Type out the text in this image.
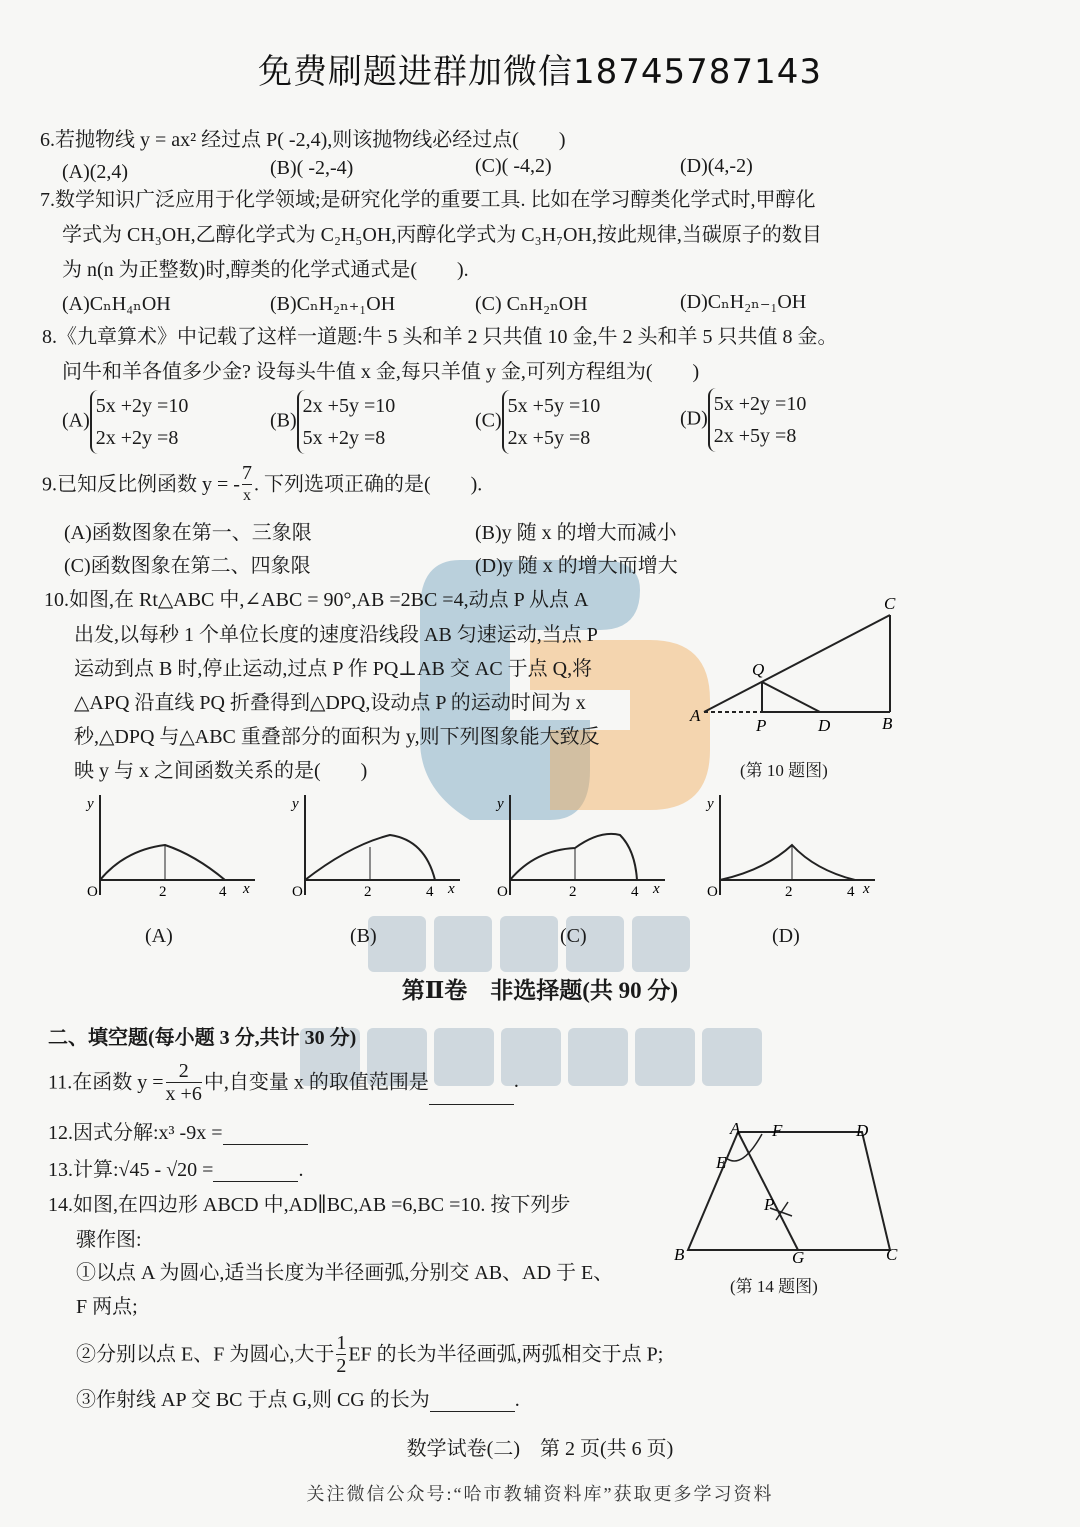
免费刷题进群加微信18745787143
6.若抛物线 y = ax² 经过点 P( -2,4),则该抛物线必经过点(　　)
(A)(2,4)	(B)( -2,-4)	(C)( -4,2)	(D)(4,-2)
7.数学知识广泛应用于化学领域;是研究化学的重要工具. 比如在学习醇类化学式时,甲醇化
学式为 CH₃OH,乙醇化学式为 C₂H₅OH,丙醇化学式为 C₃H₇OH,按此规律,当碳原子的数目
为 n(n 为正整数)时,醇类的化学式通式是(　　).
(A)CₙH₄ₙOH	(B)CₙH₂ₙ₊₁OH	(C) CₙH₂ₙOH	(D)CₙH₂ₙ₋₁OH
8.《九章算术》中记载了这样一道题:牛 5 头和羊 2 只共值 10 金,牛 2 头和羊 5 只共值 8 金。
问牛和羊各值多少金? 设每头牛值 x 金,每只羊值 y 金,可列方程组为(　　)
(A)5x +2y =10
2x +2y =8
(B)2x +5y =10
5x +2y =8
(C)5x +5y =10
2x +5y =8
(D)5x +2y =10
2x +5y =8
9.已知反比例函数 y = -
7
x . 下列选项正确的是(　　).
(A)函数图象在第一、三象限	(B)y 随 x 的增大而减小
(C)函数图象在第二、四象限	(D)y 随 x 的增大而增大
10.如图,在 Rt△ABC 中,∠ABC = 90°,AB =2BC =4,动点 P 从点 A
出发,以每秒 1 个单位长度的速度沿线段 AB 匀速运动,当点 P
运动到点 B 时,停止运动,过点 P 作 PQ⊥AB 交 AC 于点 Q,将
△APQ 沿直线 PQ 折叠得到△DPQ,设动点 P 的运动时间为 x
秒,△DPQ 与△ABC 重叠部分的面积为 y,则下列图象能大致反
映 y 与 x 之间函数关系的是(　　)
A
P	D	B
C
Q
(第 10 题图)
y
x
O	2	4
y
x
O	2	4
y
x
O	2	4
y
x
O	2	4
(A)	(B)	(C)	(D)
第Ⅱ卷　非选择题(共 90 分)
二、填空题(每小题 3 分,共计 30 分)
11.在函数 $y = \frac{2}{x +6}$ 中,自变量 x 的取值范围是	.
12.因式分解:x³ -9x =
13.计算:√45 - √20 =	.
14.如图,在四边形 ABCD 中,AD∥BC,AB =6,BC =10. 按下列步
骤作图:
①以点 A 为圆心,适当长度为半径画弧,分别交 AB、AD 于 E、
F 两点;
②分别以点 E、F 为圆心,大于 $\frac{1}{2}$ EF 的长为半径画弧,两弧相交于点 P;
③作射线 AP 交 BC 于点 G,则 CG 的长为	.
A F	D
E
P
B	G	C
(第 14 题图)
数学试卷(二)　第 2 页(共 6 页)
关注微信公众号:“哈市教辅资料库”获取更多学习资料
